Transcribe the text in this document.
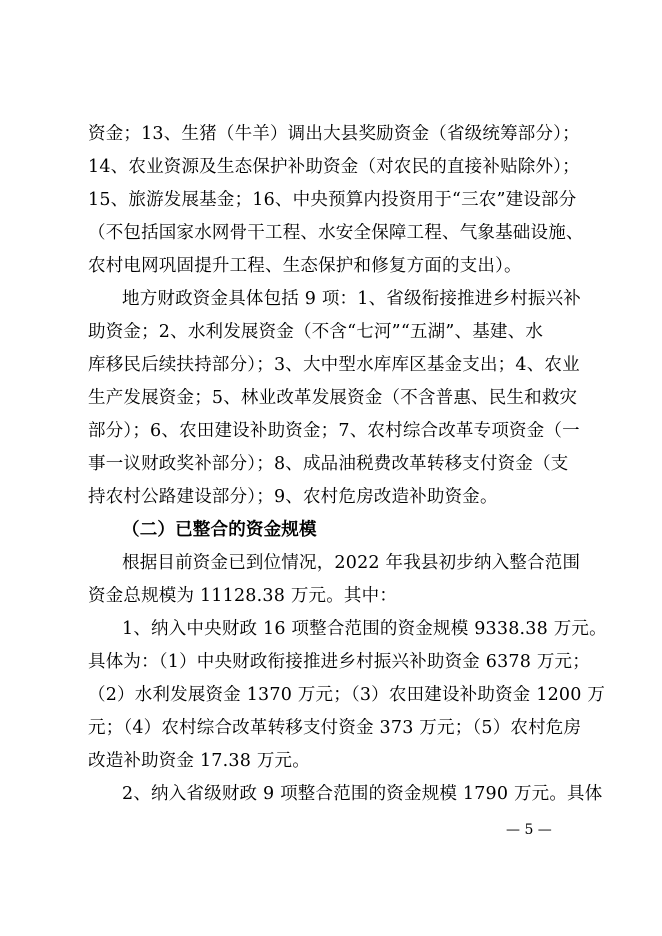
资金；13、生猪（牛羊）调出大县奖励资金（省级统筹部分）；
14、农业资源及生态保护补助资金（对农民的直接补贴除外）；
15、旅游发展基金；16、中央预算内投资用于“三农”建设部分
（不包括国家水网骨干工程、水安全保障工程、气象基础设施、
农村电网巩固提升工程、生态保护和修复方面的支出）。
地方财政资金具体包括 9 项：1、省级衔接推进乡村振兴补
助资金；2、水利发展资金（不含“七河”“五湖”、基建、水
库移民后续扶持部分）；3、大中型水库库区基金支出；4、农业
生产发展资金；5、林业改革发展资金（不含普惠、民生和救灾
部分）；6、农田建设补助资金；7、农村综合改革专项资金（一
事一议财政奖补部分）；8、成品油税费改革转移支付资金（支
持农村公路建设部分）；9、农村危房改造补助资金。
（二）已整合的资金规模
根据目前资金已到位情况，2022 年我县初步纳入整合范围
资金总规模为 11128.38 万元。其中：
1、纳入中央财政 16 项整合范围的资金规模 9338.38 万元。
具体为：（1）中央财政衔接推进乡村振兴补助资金 6378 万元；
（2）水利发展资金 1370 万元；（3）农田建设补助资金 1200 万
元；（4）农村综合改革转移支付资金 373 万元；（5）农村危房
改造补助资金 17.38 万元。
2、纳入省级财政 9 项整合范围的资金规模 1790 万元。具体
— 5 —
